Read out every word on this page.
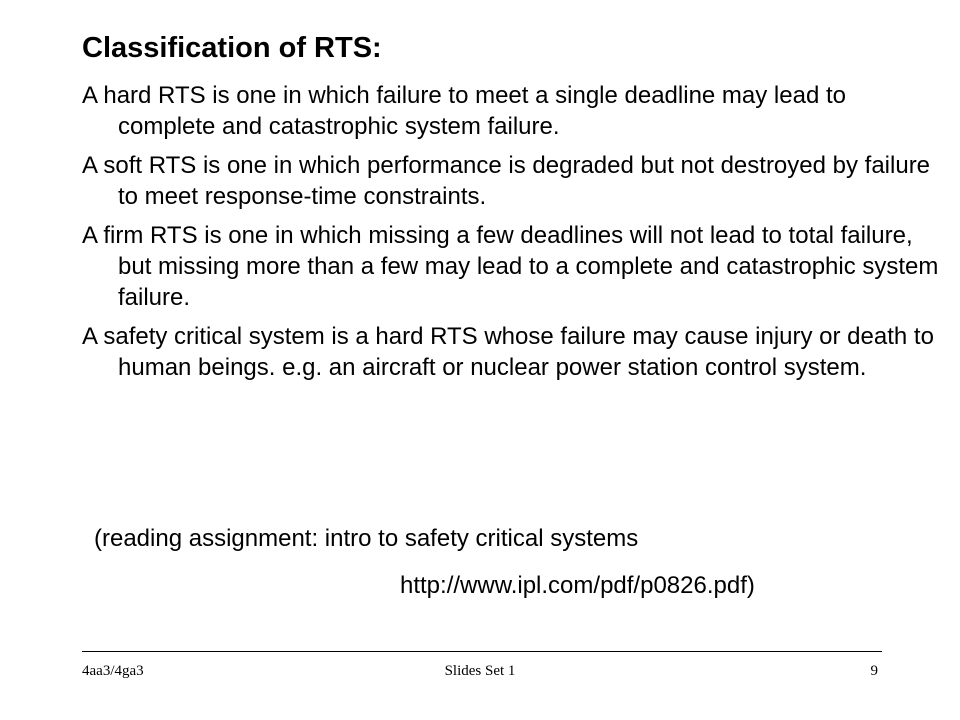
Classification of RTS:

A hard RTS is one in which failure to meet a single deadline may lead to complete and catastrophic system failure.

A soft RTS is one in which performance is degraded but not destroyed by failure to meet response-time constraints.

A firm RTS is one in which missing a few deadlines will not lead to total failure, but missing more than a few may lead to a complete and catastrophic system failure.

A safety critical system is a hard RTS whose failure may cause injury or death to human beings. e.g. an aircraft or nuclear power station control system.

(reading assignment: intro to safety critical systems
http://www.ipl.com/pdf/p0826.pdf)
4aa3/4ga3	Slides Set 1	9
